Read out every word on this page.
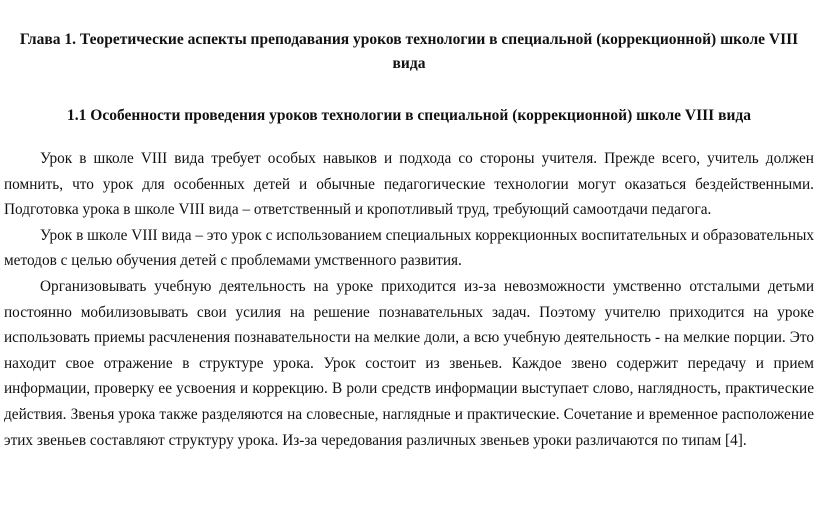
Глава 1. Теоретические аспекты преподавания уроков технологии в специальной (коррекционной) школе VIII вида
1.1 Особенности проведения уроков технологии в специальной (коррекционной) школе VIII вида

Урок в школе VIII вида требует особых навыков и подхода со стороны учителя. Прежде всего, учитель должен помнить, что урок для особенных детей и обычные педагогические технологии могут оказаться бездейственными. Подготовка урока в школе VIII вида – ответственный и кропотливый труд, требующий самоотдачи педагога.

Урок в школе VIII вида – это урок с использованием специальных коррекционных воспитательных и образовательных методов с целью обучения детей с проблемами умственного развития.

Организовывать учебную деятельность на уроке приходится из-за невозможности умственно отсталыми детьми постоянно мобилизовывать свои усилия на решение познавательных задач. Поэтому учителю приходится на уроке использовать приемы расчленения познавательности на мелкие доли, а всю учебную деятельность - на мелкие порции. Это находит свое отражение в структуре урока. Урок состоит из звеньев. Каждое звено содержит передачу и прием информации, проверку ее усвоения и коррекцию. В роли средств информации выступает слово, наглядность, практические действия. Звенья урока также разделяются на словесные, наглядные и практические. Сочетание и временное расположение этих звеньев составляют структуру урока. Из-за чередования различных звеньев уроки различаются по типам [4].
